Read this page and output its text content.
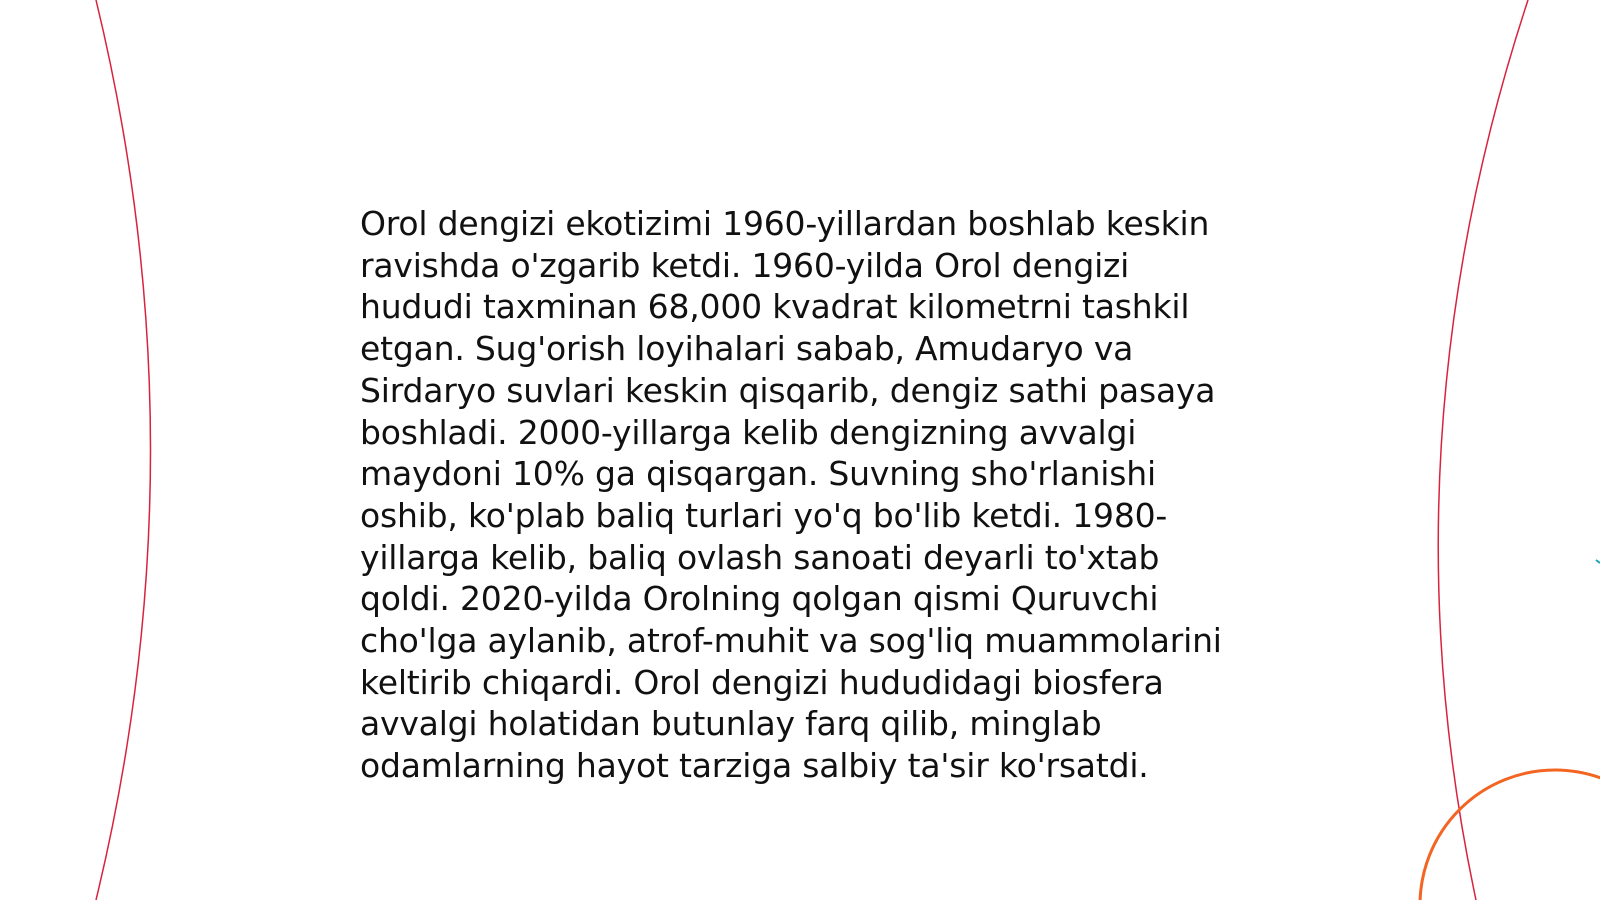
Orol dengizi ekotizimi 1960-yillardan boshlab keskin ravishda o'zgarib ketdi. 1960-yilda Orol dengizi hududi taxminan 68,000 kvadrat kilometrni tashkil etgan. Sug'orish loyihalari sabab, Amudaryo va Sirdaryo suvlari keskin qisqarib, dengiz sathi pasaya boshladi. 2000-yillarga kelib dengizning avvalgi maydoni 10% ga qisqargan. Suvning sho'rlanishi oshib, ko'plab baliq turlari yo'q bo'lib ketdi. 1980-yillarga kelib, baliq ovlash sanoati deyarli to'xtab qoldi. 2020-yilda Orolning qolgan qismi Quruvchi cho'lga aylanib, atrof-muhit va sog'liq muammolarini keltirib chiqardi. Orol dengizi hududidagi biosfera avvalgi holatidan butunlay farq qilib, minglab odamlarning hayot tarziga salbiy ta'sir ko'rsatdi.
